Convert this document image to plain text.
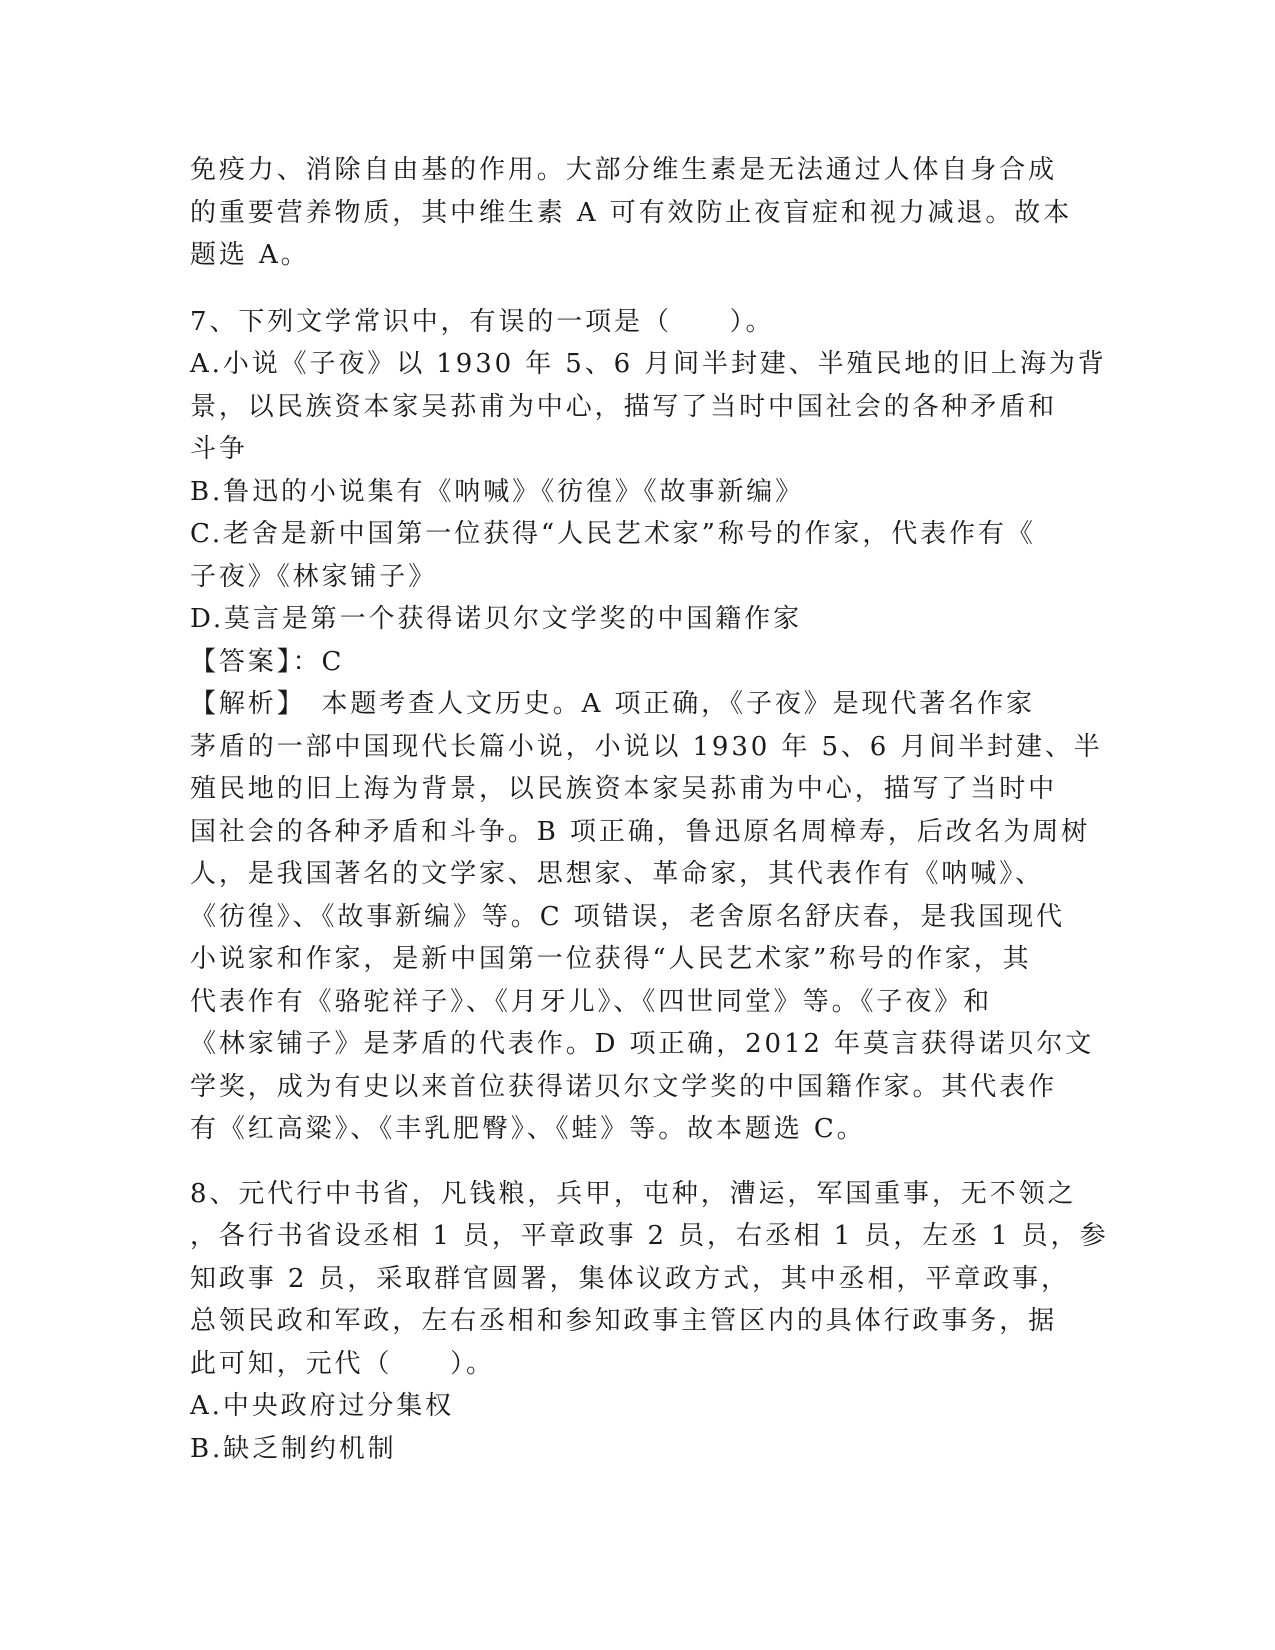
免疫力、消除自由基的作用。大部分维生素是无法通过人体自身合成
的重要营养物质，其中维生素 A 可有效防止夜盲症和视力减退。故本
题选 A。
7、下列文学常识中，有误的一项是（　　）。
A.小说《子夜》以 1930 年 5、6 月间半封建、半殖民地的旧上海为背
景，以民族资本家吴荪甫为中心，描写了当时中国社会的各种矛盾和
斗争
B.鲁迅的小说集有《呐喊》《彷徨》《故事新编》
C.老舍是新中国第一位获得“人民艺术家”称号的作家，代表作有《
子夜》《林家铺子》
D.莫言是第一个获得诺贝尔文学奖的中国籍作家
【答案】：C
【解析】　本题考查人文历史。A 项正确，《子夜》是现代著名作家
茅盾的一部中国现代长篇小说，小说以 1930 年 5、6 月间半封建、半
殖民地的旧上海为背景，以民族资本家吴荪甫为中心，描写了当时中
国社会的各种矛盾和斗争。B 项正确，鲁迅原名周樟寿，后改名为周树
人，是我国著名的文学家、思想家、革命家，其代表作有《呐喊》、
《彷徨》、《故事新编》等。C 项错误，老舍原名舒庆春，是我国现代
小说家和作家，是新中国第一位获得“人民艺术家”称号的作家，其
代表作有《骆驼祥子》、《月牙儿》、《四世同堂》等。《子夜》和
《林家铺子》是茅盾的代表作。D 项正确，2012 年莫言获得诺贝尔文
学奖，成为有史以来首位获得诺贝尔文学奖的中国籍作家。其代表作
有《红高粱》、《丰乳肥臀》、《蛙》等。故本题选 C。
8、元代行中书省，凡钱粮，兵甲，屯种，漕运，军国重事，无不领之
，各行书省设丞相 1 员，平章政事 2 员，右丞相 1 员，左丞 1 员，参
知政事 2 员，采取群官圆署，集体议政方式，其中丞相，平章政事，
总领民政和军政，左右丞相和参知政事主管区内的具体行政事务，据
此可知，元代（　　）。
A.中央政府过分集权
B.缺乏制约机制
